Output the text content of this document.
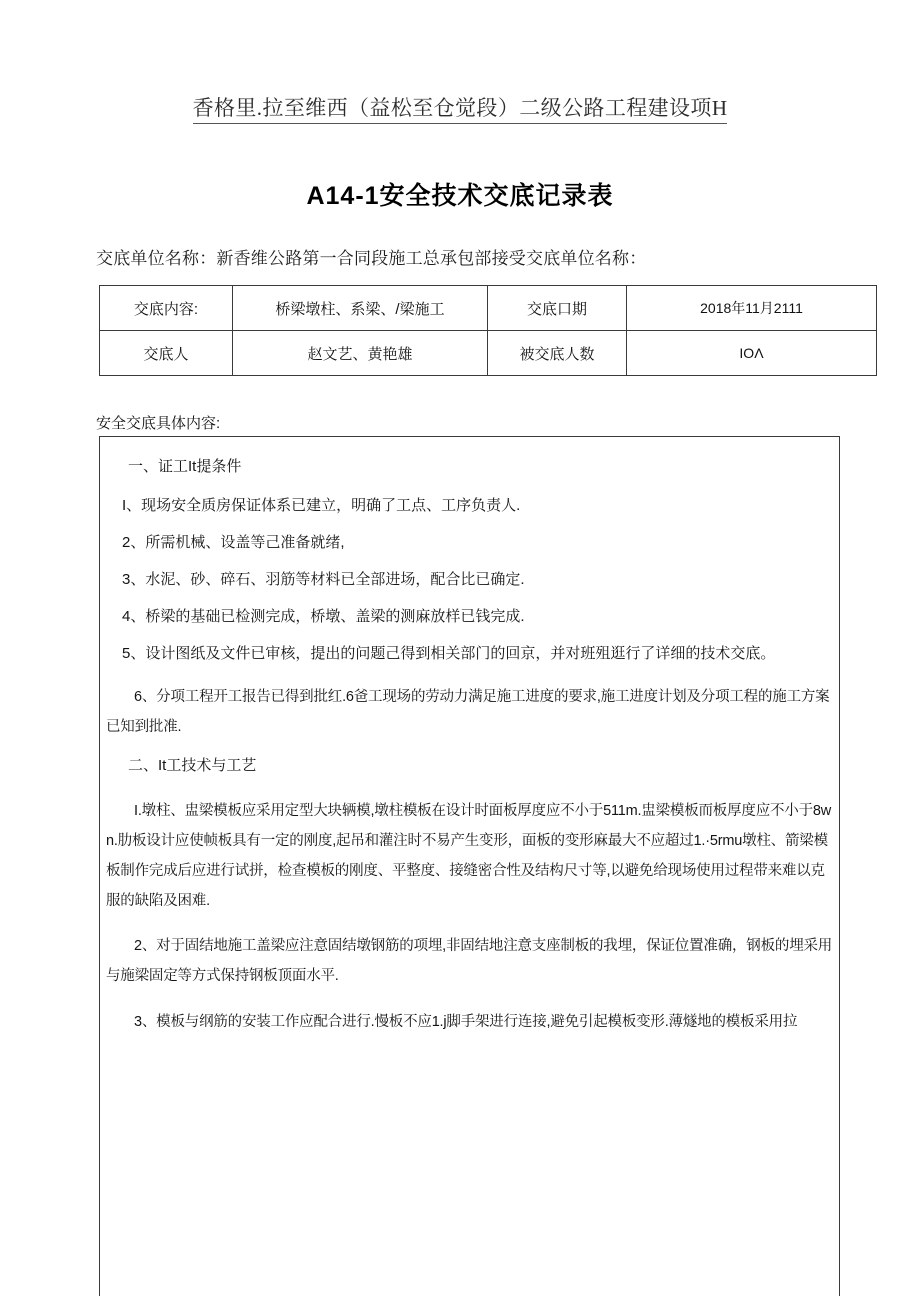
香格里.拉至维西（益松至仓觉段）二级公路工程建设项H
A14-1安全技术交底记录表
交底单位名称：新香维公路第一合同段施工总承包部接受交底单位名称：
交底内容:	桥梁墩柱、系梁、/梁施工	交底口期	2018年11月2111
交底人	赵文艺、黄艳雄	被交底人数	IOΛ
安全交底具体内容:
一、证工It提条件
I、现场安全质房保证体系已建立，明确了工点、工序负责人.
2、所需机械、设盖等己准备就绪,
3、水泥、砂、碎石、羽筋等材料已全部进场，配合比已确定.
4、桥梁的基础已检测完成，桥墩、盖梁的测麻放样已钱完成.
5、设计图纸及文件已审核，提出的问题己得到相关部门的回京，并对班殂逛行了详细的技术交底。
6、分项工程开工报告已得到批红.6爸工现场的劳动力满足施工进度的要求,施工进度计划及分项工程的施工方案已知到批准.
二、It工技术与工艺
I.墩柱、盅梁模板应采用定型大块辆模,墩柱模板在设计时面板厚度应不小于511m.盅梁模板而板厚度应不小于8wn.肋板设计应使帧板具有一定的刚度,起吊和灌注时不易产生变形，面板的变形麻最大不应超过1.·5rmu墩柱、箭梁模板制作完成后应进行试拼，检查模板的刚度、平整度、接缝密合性及结构尺寸等,以避免给现场使用过程带来难以克服的缺陷及困难.
2、对于固结地施工盖梁应注意固结墩钢筋的项埋,非固结地注意支座制板的我埋，保证位置准确，钢板的埋采用与施梁固定等方式保持钢板顶面水平.
3、模板与纲筋的安装工作应配合进行.慢板不应1.j脚手架进行连接,避免引起模板变形.薄燧地的模板采用拉
